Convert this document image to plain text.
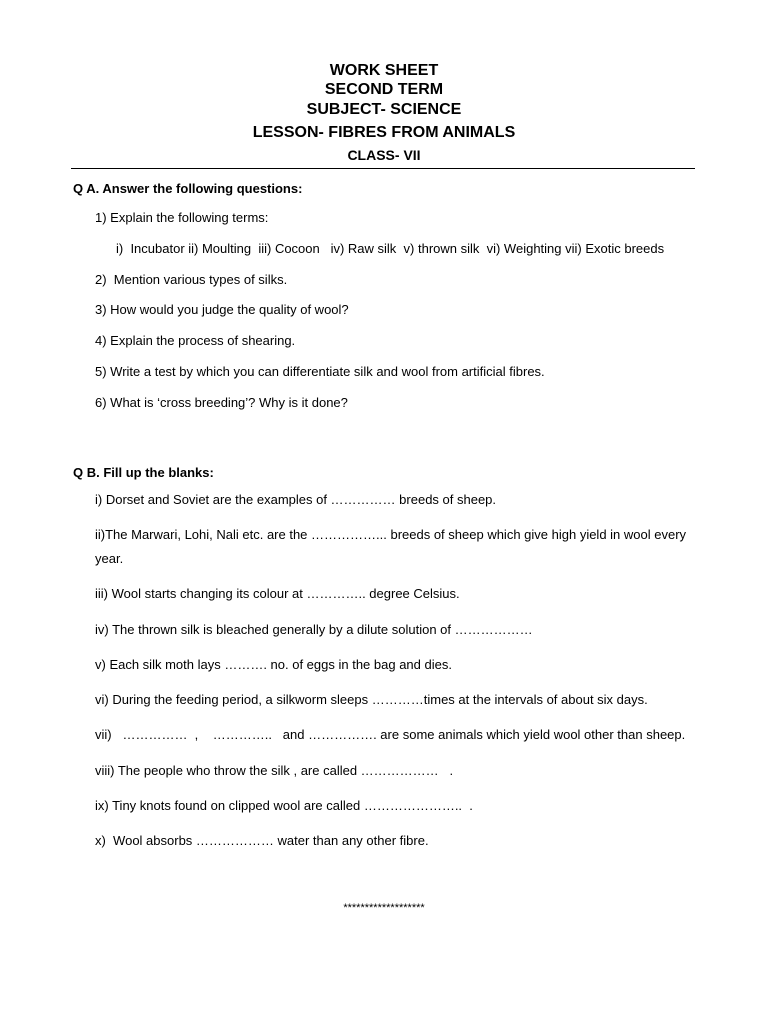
WORK SHEET
SECOND TERM
SUBJECT- SCIENCE
LESSON- FIBRES FROM ANIMALS
CLASS- VII
Q A. Answer the following questions:
1) Explain the following terms:
i)  Incubator ii) Moulting  iii) Cocoon   iv) Raw silk  v) thrown silk  vi) Weighting vii) Exotic breeds
2)  Mention various types of silks.
3) How would you judge the quality of wool?
4) Explain the process of shearing.
5) Write a test by which you can differentiate silk and wool from artificial fibres.
6) What is ‘cross breeding’? Why is it done?
Q B. Fill up the blanks:
i) Dorset and Soviet are the examples of …………… breeds of sheep.
ii)The Marwari, Lohi, Nali etc. are the ……………... breeds of sheep which give high yield in wool every year.
iii) Wool starts changing its colour at ………….. degree Celsius.
iv) The thrown silk is bleached generally by a dilute solution of ………………
v) Each silk moth lays ………. no. of eggs in the bag and dies.
vi) During the feeding period, a silkworm sleeps …………times at the intervals of about six days.
vii)   ……………  ,    …………..   and ……………. are some animals which yield wool other than sheep.
viii) The people who throw the silk , are called ………………   .
ix) Tiny knots found on clipped wool are called …………………..  .
x)  Wool absorbs ……………… water than any other fibre.
*******************
